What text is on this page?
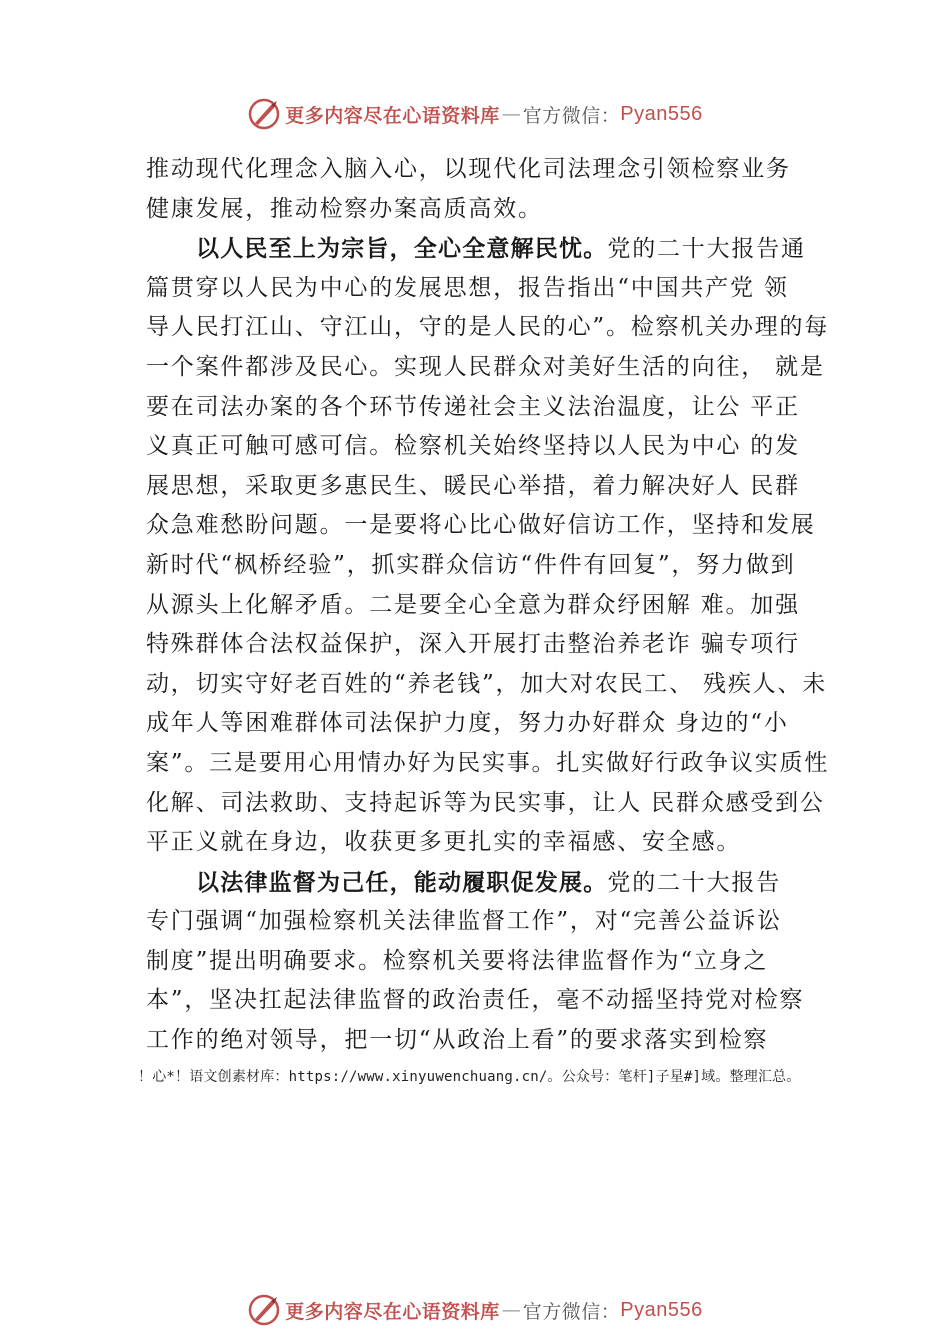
更多内容尽在心语资料库 — 官方微信： Pyan556
推动现代化理念入脑入心，以现代化司法理念引领检察业务
健康发展，推动检察办案高质高效。
以人民至上为宗旨，全心全意解民忧。党的二十大报告通
篇贯穿以人民为中心的发展思想，报告指出“中国共产党 领
导人民打江山、守江山，守的是人民的心”。检察机关办理的每
一个案件都涉及民心。实现人民群众对美好生活的向往， 就是
要在司法办案的各个环节传递社会主义法治温度，让公 平正
义真正可触可感可信。检察机关始终坚持以人民为中心 的发
展思想，采取更多惠民生、暖民心举措，着力解决好人 民群
众急难愁盼问题。一是要将心比心做好信访工作，坚持和发展
新时代“枫桥经验”，抓实群众信访“件件有回复”，努力做到
从源头上化解矛盾。二是要全心全意为群众纾困解 难。加强
特殊群体合法权益保护，深入开展打击整治养老诈 骗专项行
动，切实守好老百姓的“养老钱”，加大对农民工、 残疾人、未
成年人等困难群体司法保护力度，努力办好群众 身边的“小
案”。三是要用心用情办好为民实事。扎实做好行政争议实质性
化解、司法救助、支持起诉等为民实事，让人 民群众感受到公
平正义就在身边，收获更多更扎实的幸福感、安全感。
以法律监督为己任，能动履职促发展。党的二十大报告
专门强调“加强检察机关法律监督工作”，对“完善公益诉讼
制度”提出明确要求。检察机关要将法律监督作为“立身之
本”，坚决扛起法律监督的政治责任，毫不动摇坚持党对检察
工作的绝对领导，把一切“从政治上看”的要求落实到检察
！心*！语文创素材库：https://www.xinyuwenchuang.cn/。公众号：笔杆]子星#]域。整理汇总。
更多内容尽在心语资料库 — 官方微信： Pyan556
